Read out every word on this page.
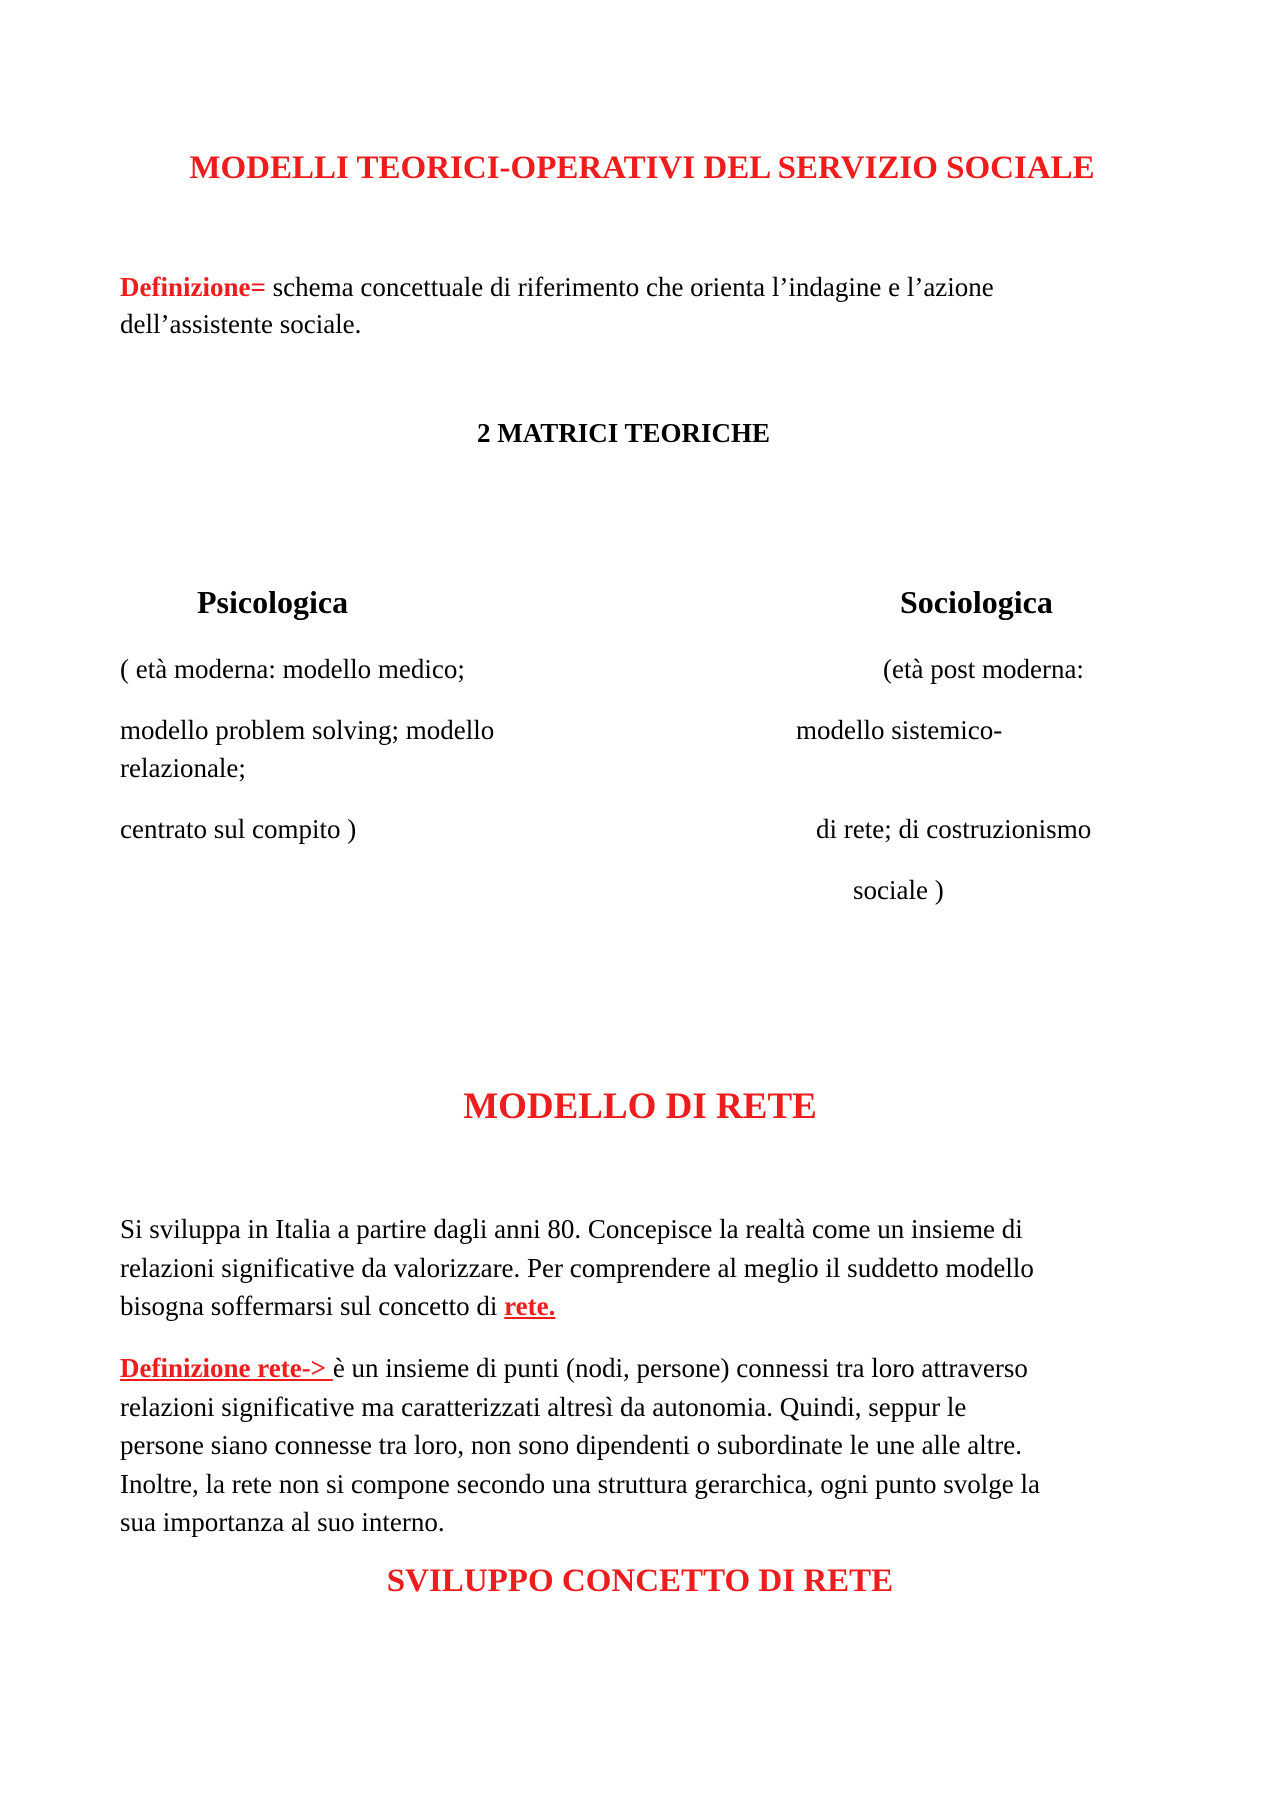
MODELLI TEORICI-OPERATIVI DEL SERVIZIO SOCIALE
Definizione= schema concettuale di riferimento che orienta l’indagine e l’azione
dell’assistente sociale.
2 MATRICI TEORICHE
Psicologica
( età moderna: modello medico;
modello problem solving; modello
relazionale;
centrato sul compito )
Sociologica
(età post moderna:
modello sistemico-
di rete; di costruzionismo
sociale )
MODELLO DI RETE
Si sviluppa in Italia a partire dagli anni 80. Concepisce la realtà come un insieme di
relazioni significative da valorizzare. Per comprendere al meglio il suddetto modello
bisogna soffermarsi sul concetto di rete.
Definizione rete-> è un insieme di punti (nodi, persone) connessi tra loro attraverso
relazioni significative ma caratterizzati altresì da autonomia. Quindi, seppur le
persone siano connesse tra loro, non sono dipendenti o subordinate le une alle altre.
Inoltre, la rete non si compone secondo una struttura gerarchica, ogni punto svolge la
sua importanza al suo interno.
SVILUPPO CONCETTO DI RETE
